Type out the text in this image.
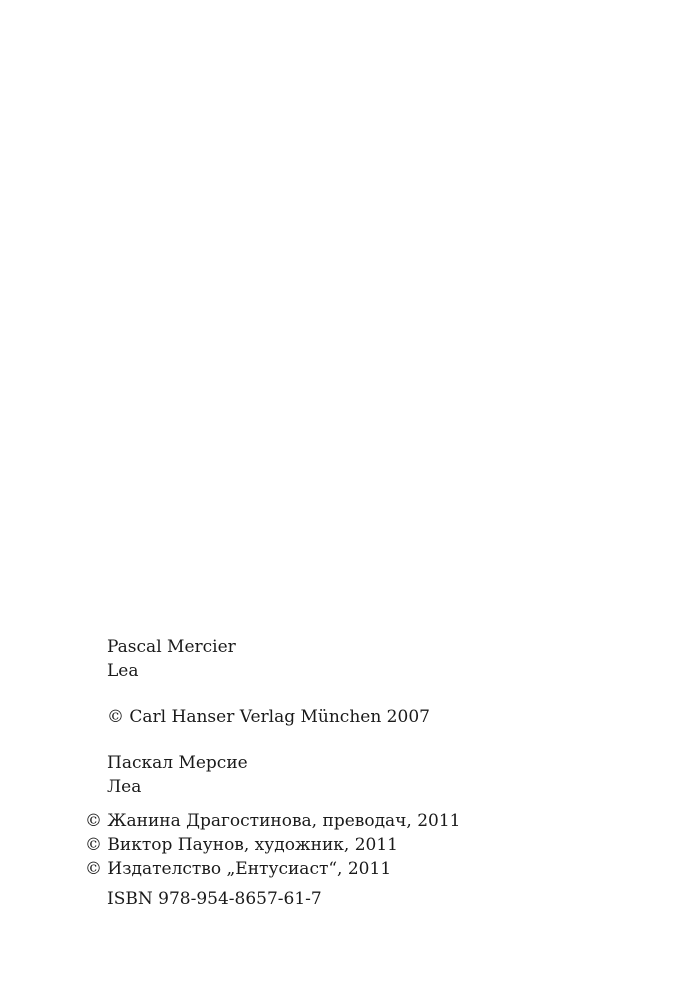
Pascal Mercier
Lea
© Carl Hanser Verlag München 2007
Паскал Мерсие
Леа
© Жанина Драгостинова, преводач, 2011
© Виктор Паунов, художник, 2011
© Издателство „Ентусиаст“, 2011
ISBN 978-954-8657-61-7
